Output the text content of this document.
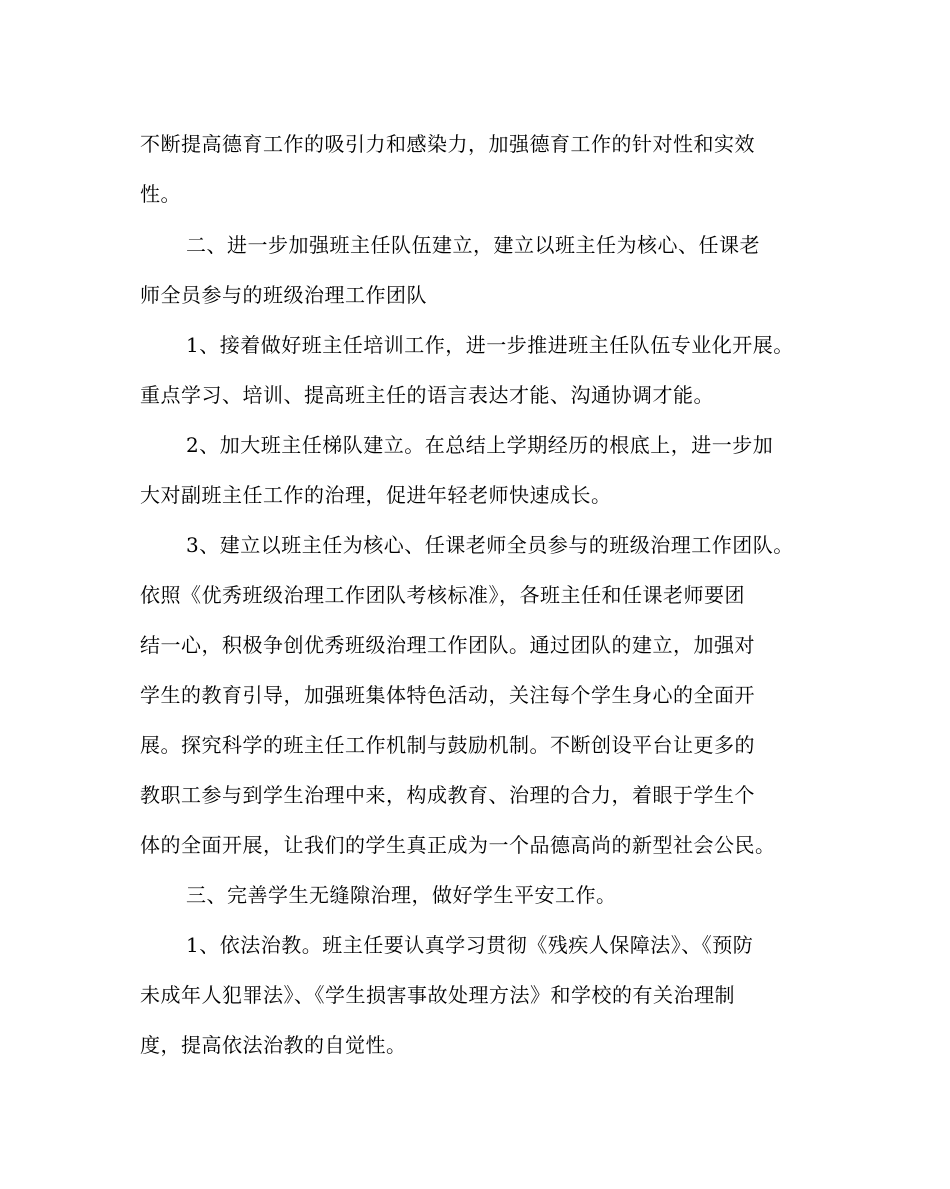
不断提高德育工作的吸引力和感染力，加强德育工作的针对性和实效
性。
二、进一步加强班主任队伍建立，建立以班主任为核心、任课老
师全员参与的班级治理工作团队
1、接着做好班主任培训工作，进一步推进班主任队伍专业化开展。
重点学习、培训、提高班主任的语言表达才能、沟通协调才能。
2、加大班主任梯队建立。在总结上学期经历的根底上，进一步加
大对副班主任工作的治理，促进年轻老师快速成长。
3、建立以班主任为核心、任课老师全员参与的班级治理工作团队。
依照《优秀班级治理工作团队考核标准》，各班主任和任课老师要团
结一心，积极争创优秀班级治理工作团队。通过团队的建立，加强对
学生的教育引导，加强班集体特色活动，关注每个学生身心的全面开
展。探究科学的班主任工作机制与鼓励机制。不断创设平台让更多的
教职工参与到学生治理中来，构成教育、治理的合力，着眼于学生个
体的全面开展，让我们的学生真正成为一个品德高尚的新型社会公民。
三、完善学生无缝隙治理，做好学生平安工作。
1、依法治教。班主任要认真学习贯彻《残疾人保障法》、《预防
未成年人犯罪法》、《学生损害事故处理方法》和学校的有关治理制
度，提高依法治教的自觉性。
